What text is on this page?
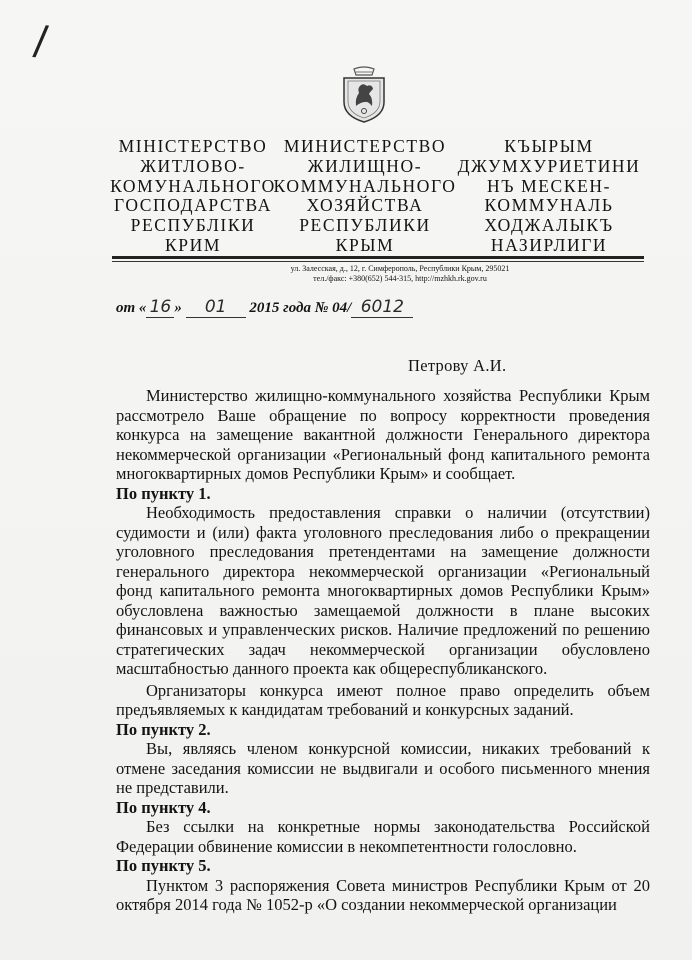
/
МІНІСТЕРСТВО
ЖИТЛОВО-
КОМУНАЛЬНОГО
ГОСПОДАРСТВА
РЕСПУБЛІКИ
КРИМ
МИНИСТЕРСТВО
ЖИЛИЩНО-
КОММУНАЛЬНОГО
ХОЗЯЙСТВА
РЕСПУБЛИКИ
КРЫМ
КЪЫРЫМ
ДЖУМХУРИЕТИНИ
НЪ МЕСКЕН-
КОММУНАЛЬ
ХОДЖАЛЫКЪ
НАЗИРЛИГИ
ул. Залесская, д., 12, г. Симферополь, Республики Крым, 295021
тел./факс: +380(652) 544-315, http://mzhkh.rk.gov.ru
от « 16 » 01 2015 года № 04/ 6012
Петрову А.И.

Министерство жилищно-коммунального хозяйства Республики Крым рассмотрело Ваше обращение по вопросу корректности проведения конкурса на замещение вакантной должности Генерального директора некоммерческой организации «Региональный фонд капитального ремонта многоквартирных домов Республики Крым» и сообщает.

По пункту 1.

Необходимость предоставления справки о наличии (отсутствии) судимости и (или) факта уголовного преследования либо о прекращении уголовного преследования претендентами на замещение должности генерального директора некоммерческой организации «Региональный фонд капитального ремонта многоквартирных домов Республики Крым» обусловлена важностью замещаемой должности в плане высоких финансовых и управленческих рисков. Наличие предложений по решению стратегических задач некоммерческой организации обусловлено масштабностью данного проекта как общереспубликанского.

Организаторы конкурса имеют полное право определить объем предъявляемых к кандидатам требований и конкурсных заданий.

По пункту 2.

Вы, являясь членом конкурсной комиссии, никаких требований к отмене заседания комиссии не выдвигали и особого письменного мнения не представили.

По пункту 4.

Без ссылки на конкретные нормы законодательства Российской Федерации обвинение комиссии в некомпетентности голословно.

По пункту 5.

Пунктом 3 распоряжения Совета министров Республики Крым от 20 октября 2014 года № 1052-р «О создании некоммерческой организации
